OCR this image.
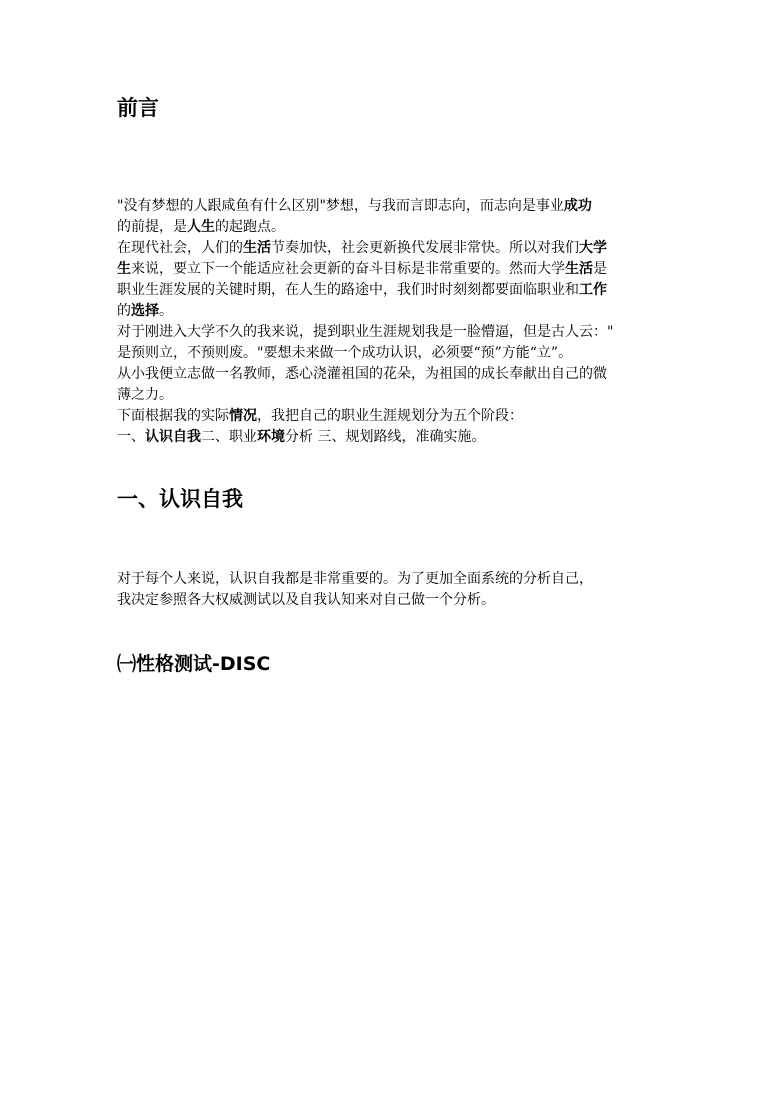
前言
"没有梦想的人跟咸鱼有什么区别"梦想，与我而言即志向，而志向是事业成功
的前提，是人生的起跑点。
在现代社会，人们的生活节奏加快，社会更新换代发展非常快。所以对我们大学
生来说，要立下一个能适应社会更新的奋斗目标是非常重要的。然而大学生活是
职业生涯发展的关键时期，在人生的路途中，我们时时刻刻都要面临职业和工作
的选择。
对于刚进入大学不久的我来说，提到职业生涯规划我是一脸懵逼，但是古人云："
是预则立，不预则废。"要想未来做一个成功认识，必须要“预”方能“立”。
从小我便立志做一名教师，悉心浇灌祖国的花朵，为祖国的成长奉献出自己的微
薄之力。
下面根据我的实际情况，我把自己的职业生涯规划分为五个阶段：
一、认识自我二、职业环境分析 三、规划路线，准确实施。
一、认识自我
对于每个人来说，认识自我都是非常重要的。为了更加全面系统的分析自己，
我决定参照各大权威测试以及自我认知来对自己做一个分析。
㈠性格测试-DISC
